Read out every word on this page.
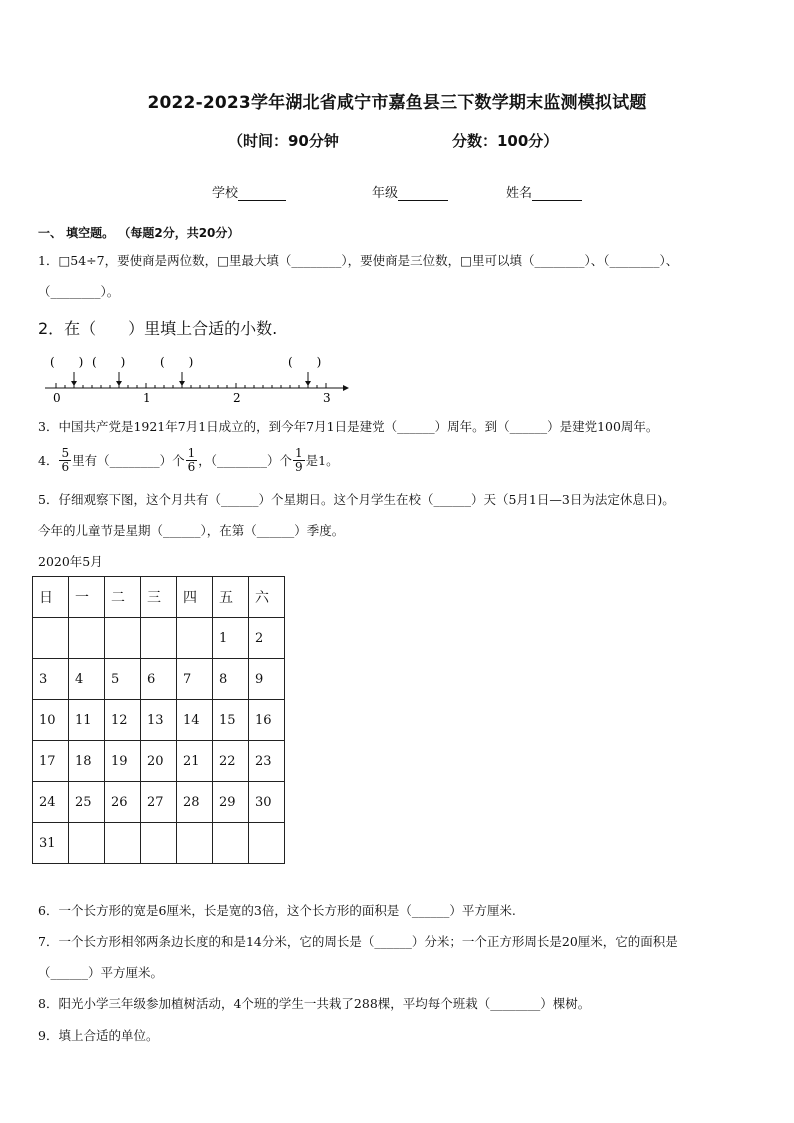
2022-2023学年湖北省咸宁市嘉鱼县三下数学期末监测模拟试题
（时间：90分钟	分数：100分）
学校	年级	姓名
一、 填空题。 （每题2分，共20分）
1．□54÷7，要使商是两位数，□里最大填（________），要使商是三位数，□里可以填（________）、（________）、
（________）。
2．在（　　）里填上合适的小数.
(　　) (　　)	(　　)	(　　)
0	1	2	3
3．中国共产党是1921年7月1日成立的，到今年7月1日是建党（______）周年。到（______）是建党100周年。
4． $\frac{5}{6}$ 里有（________）个 $\frac{1}{6}$ ，（________）个 $\frac{1}{9}$ 是1。
5．仔细观察下图，这个月共有（______）个星期日。这个月学生在校（______）天（5月1日—3日为法定休息日)。
今年的儿童节是星期（______），在第（______）季度。
2020年5月
日	一	二	三	四	五	六
					1	2
3	4	5	6	7	8	9
10	11	12	13	14	15	16
17	18	19	20	21	22	23
24	25	26	27	28	29	30
31						
6．一个长方形的宽是6厘米，长是宽的3倍，这个长方形的面积是（______）平方厘米.
7．一个长方形相邻两条边长度的和是14分米，它的周长是（______）分米；一个正方形周长是20厘米，它的面积是
（______）平方厘米。
8．阳光小学三年级参加植树活动，4个班的学生一共栽了288棵，平均每个班栽（________）棵树。
9．填上合适的单位。
